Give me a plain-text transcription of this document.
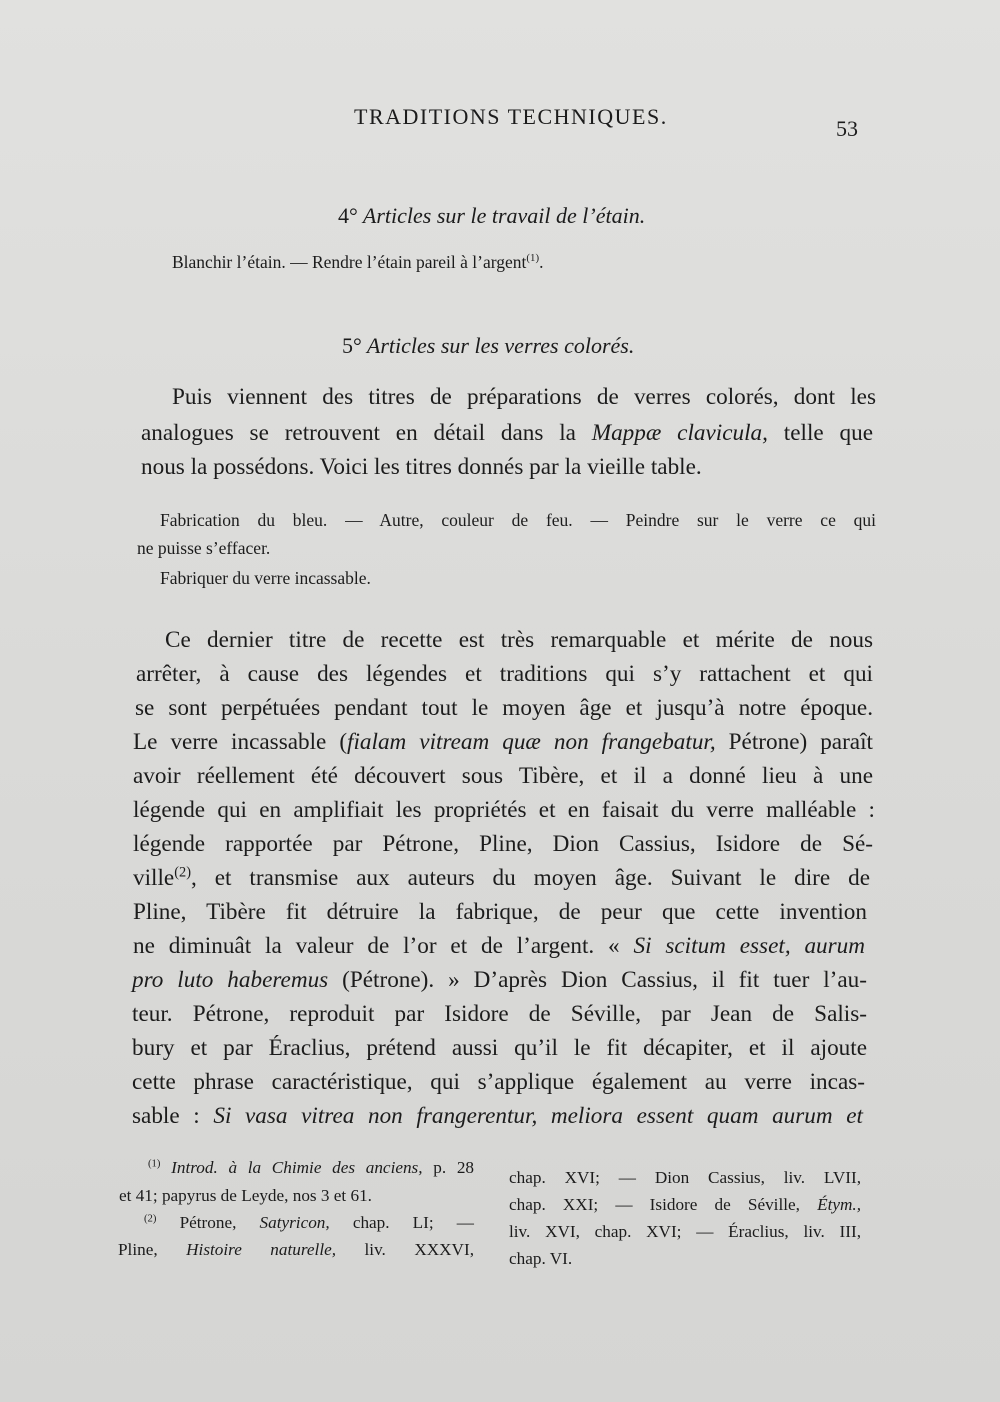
TRADITIONS TECHNIQUES.	53
4° Articles sur le travail de l’étain.
Blanchir l’étain. — Rendre l’étain pareil à l’argent$^{(1)}$.
5° Articles sur les verres colorés.
Puis viennent des titres de préparations de verres colorés, dont les
analogues se retrouvent en détail dans la Mappæ clavicula, telle que
nous la possédons. Voici les titres donnés par la vieille table.
Fabrication du bleu. — Autre, couleur de feu. — Peindre sur le verre ce qui
ne puisse s’effacer.
Fabriquer du verre incassable.
Ce dernier titre de recette est très remarquable et mérite de nous
arrêter, à cause des légendes et traditions qui s’y rattachent et qui
se sont perpétuées pendant tout le moyen âge et jusqu’à notre époque.
Le verre incassable (fialam vitream quæ non frangebatur, Pétrone) paraît
avoir réellement été découvert sous Tibère, et il a donné lieu à une
légende qui en amplifiait les propriétés et en faisait du verre malléable :
légende rapportée par Pétrone, Pline, Dion Cassius, Isidore de Sé-
ville$^{(2)}$, et transmise aux auteurs du moyen âge. Suivant le dire de
Pline, Tibère fit détruire la fabrique, de peur que cette invention
ne diminuât la valeur de l’or et de l’argent. « Si scitum esset, aurum
pro luto haberemus (Pétrone). » D’après Dion Cassius, il fit tuer l’au-
teur. Pétrone, reproduit par Isidore de Séville, par Jean de Salis-
bury et par Éraclius, prétend aussi qu’il le fit décapiter, et il ajoute
cette phrase caractéristique, qui s’applique également au verre incas-
sable : Si vasa vitrea non frangerentur, meliora essent quam aurum et
$^{(1)}$ Introd. à la Chimie des anciens, p. 28
et 41; papyrus de Leyde, nos 3 et 61.
$^{(2)}$ Pétrone, Satyricon, chap. LI; —
Pline, Histoire naturelle, liv. XXXVI,
chap. XVI; — Dion Cassius, liv. LVII,
chap. XXI; — Isidore de Séville, Étym.,
liv. XVI, chap. XVI; — Éraclius, liv. III,
chap. VI.
